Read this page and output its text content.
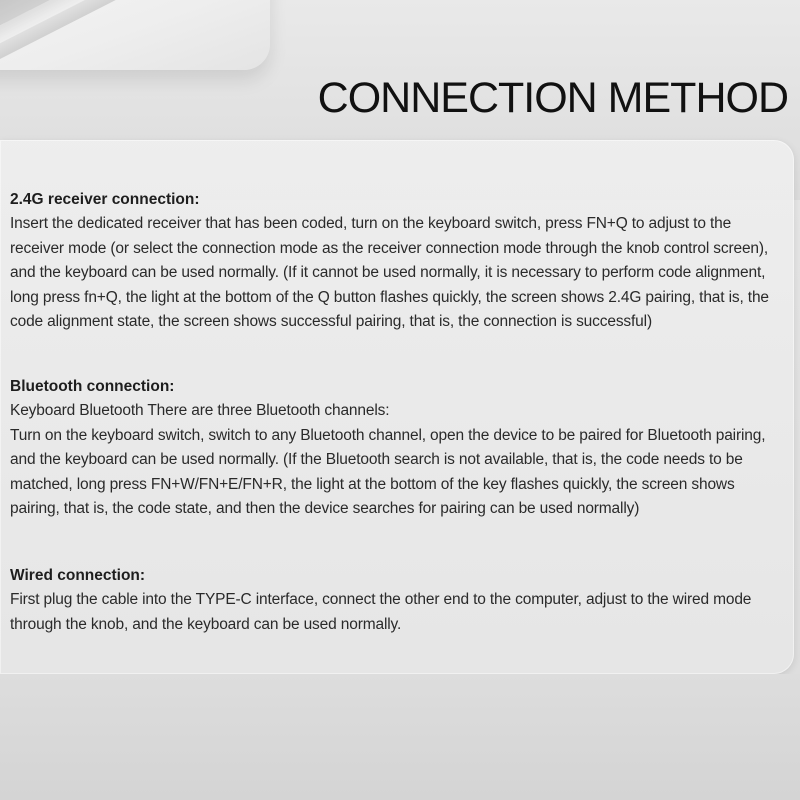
2.4G receiver connection:

Insert the dedicated receiver that has been coded, turn on the keyboard switch, press FN+Q to adjust to the receiver mode (or select the connection mode as the receiver connection mode through the knob control screen), and the keyboard can be used normally. (If it cannot be used normally, it is necessary to perform code alignment, long press fn+Q, the light at the bottom of the Q button flashes quickly, the screen shows 2.4G pairing, that is, the code alignment state, the screen shows successful pairing, that is, the connection is successful)

Bluetooth connection:

Keyboard Bluetooth There are three Bluetooth channels:

Turn on the keyboard switch, switch to any Bluetooth channel, open the device to be paired for Bluetooth pairing, and the keyboard can be used normally. (If the Bluetooth search is not available, that is, the code needs to be matched, long press FN+W/FN+E/FN+R, the light at the bottom of the key flashes quickly, the screen shows pairing, that is, the code state, and then the device searches for pairing can be used normally)

Wired connection:

First plug the cable into the TYPE-C interface, connect the other end to the computer, adjust to the wired mode through the knob, and the keyboard can be used normally.

CONNECTION METHOD
